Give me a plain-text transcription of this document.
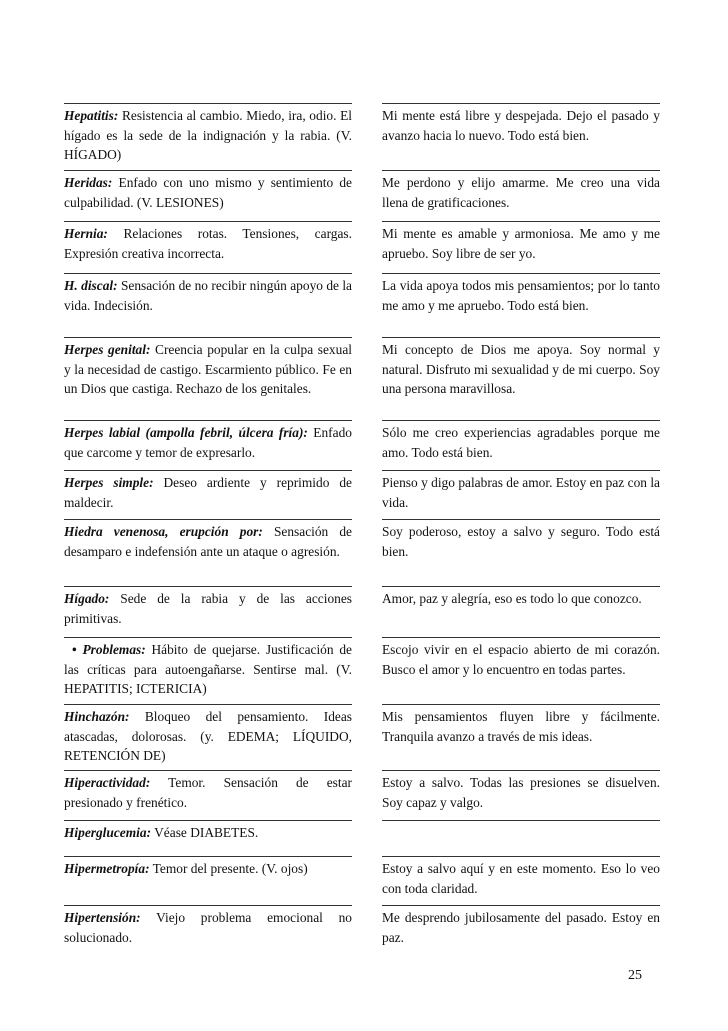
Hepatitis: Resistencia al cambio. Miedo, ira, odio. El hígado es la sede de la indignación y la rabia. (V. HÍGADO)
Mi mente está libre y despejada. Dejo el pasado y avanzo hacia lo nuevo. Todo está bien.
Heridas: Enfado con uno mismo y sentimiento de culpabilidad. (V. LESIONES)
Me perdono y elijo amarme. Me creo una vida llena de gratificaciones.
Hernia: Relaciones rotas. Tensiones, cargas. Expresión creativa incorrecta.
Mi mente es amable y armoniosa. Me amo y me apruebo. Soy libre de ser yo.
H. discal: Sensación de no recibir ningún apoyo de la vida. Indecisión.
La vida apoya todos mis pensamientos; por lo tanto me amo y me apruebo. Todo está bien.
Herpes genital: Creencia popular en la culpa sexual y la necesidad de castigo. Escarmiento público. Fe en un Dios que castiga. Rechazo de los genitales.
Mi concepto de Dios me apoya. Soy normal y natural. Disfruto mi sexualidad y de mi cuerpo. Soy una persona maravillosa.
Herpes labial (ampolla febril, úlcera fría): Enfado que carcome y temor de expresarlo.
Sólo me creo experiencias agradables porque me amo. Todo está bien.
Herpes simple: Deseo ardiente y reprimido de maldecir.
Pienso y digo palabras de amor. Estoy en paz con la vida.
Hiedra venenosa, erupción por: Sensación de desamparo e indefensión ante un ataque o agresión.
Soy poderoso, estoy a salvo y seguro. Todo está bien.
Hígado: Sede de la rabia y de las acciones primitivas.
Amor, paz y alegría, eso es todo lo que conozco.
• Problemas: Hábito de quejarse. Justificación de las críticas para autoengañarse. Sentirse mal. (V. HEPATITIS; ICTERICIA)
Escojo vivir en el espacio abierto de mi corazón. Busco el amor y lo encuentro en todas partes.
Hinchazón: Bloqueo del pensamiento. Ideas atascadas, dolorosas. (y. EDEMA; LÍQUIDO, RETENCIÓN DE)
Mis pensamientos fluyen libre y fácilmente. Tranquila avanzo a través de mis ideas.
Hiperactividad: Temor. Sensación de estar presionado y frenético.
Estoy a salvo. Todas las presiones se disuelven. Soy capaz y valgo.
Hiperglucemia: Véase DIABETES.
Hipermetropía: Temor del presente. (V. ojos)	Estoy a salvo aquí y en este momento. Eso lo veo con toda claridad.
Hipertensión: Viejo problema emocional no solucionado.
Me desprendo jubilosamente del pasado. Estoy en paz.
25
